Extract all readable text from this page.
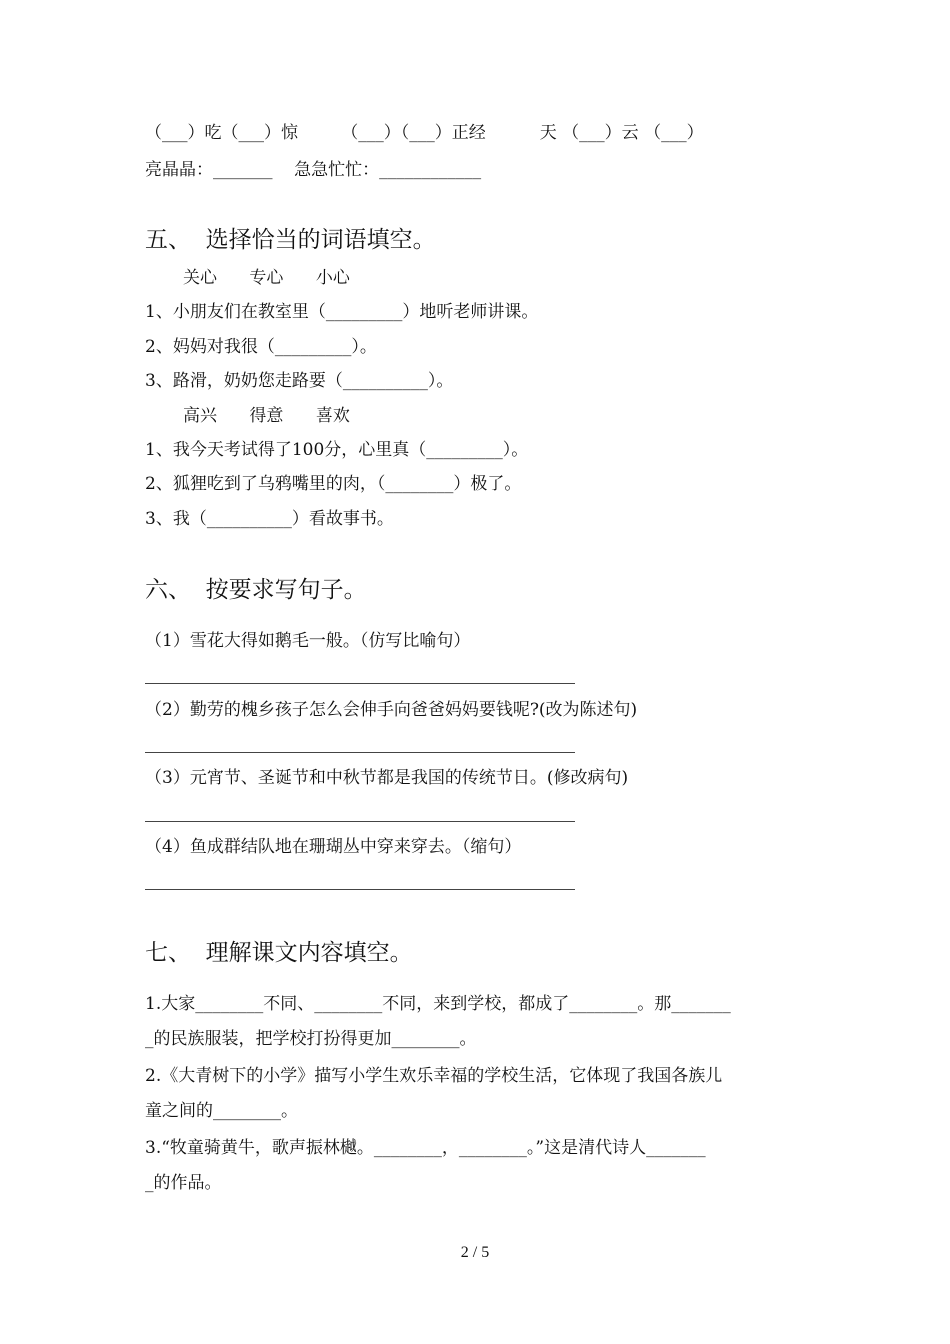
（___）吃（___）惊        （___）（___）正经          天 （___）云 （___）
亮晶晶：_______    急急忙忙：____________
五、  选择恰当的词语填空。
关心      专心      小心
1、小朋友们在教室里（_________）地听老师讲课。
2、妈妈对我很（_________）。
3、路滑，奶奶您走路要（__________）。
高兴      得意      喜欢
1、我今天考试得了100分，心里真（_________）。
2、狐狸吃到了乌鸦嘴里的肉，（________）极了。
3、我（__________）看故事书。
六、  按要求写句子。
（1）雪花大得如鹅毛一般。（仿写比喻句）
（2）勤劳的槐乡孩子怎么会伸手向爸爸妈妈要钱呢?(改为陈述句)
（3）元宵节、圣诞节和中秋节都是我国的传统节日。(修改病句)
（4）鱼成群结队地在珊瑚丛中穿来穿去。（缩句）
七、  理解课文内容填空。
1.大家________不同、________不同，来到学校，都成了________。那_______
_的民族服装，把学校打扮得更加________。
2.《大青树下的小学》描写小学生欢乐幸福的学校生活，它体现了我国各族儿
童之间的________。
3.“牧童骑黄牛，歌声振林樾。________，________。”这是清代诗人_______
_的作品。
2 / 5
